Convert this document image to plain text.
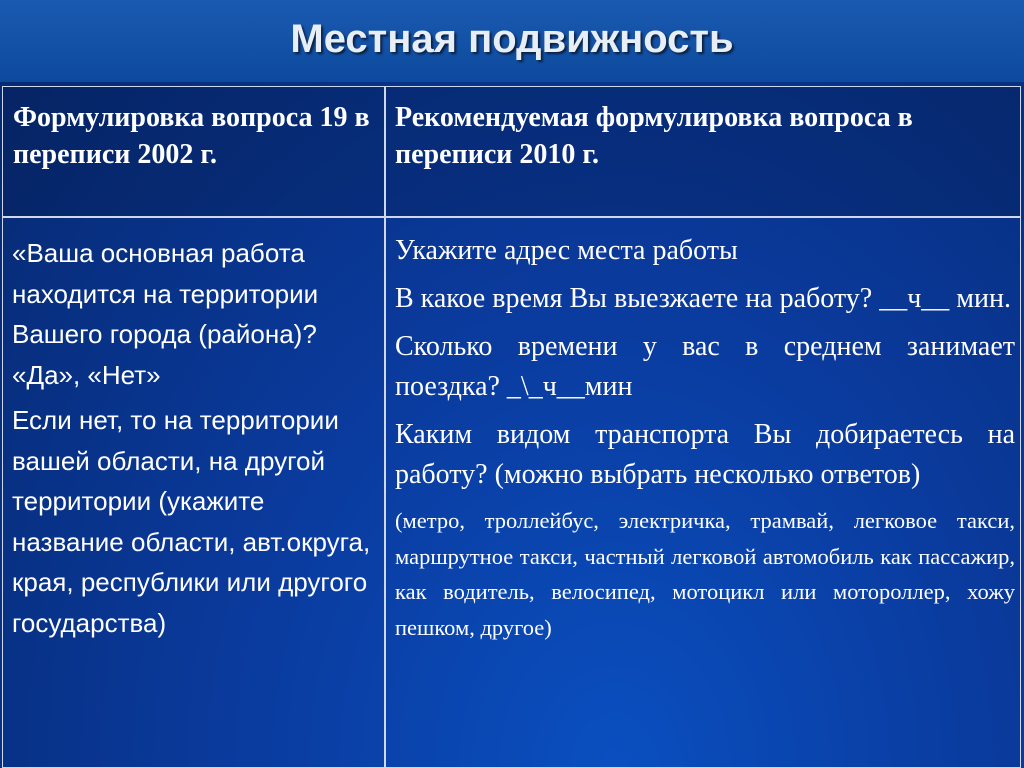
Местная подвижность
Формулировка вопроса 19 в переписи 2002 г.
Рекомендуемая формулировка вопроса в переписи 2010 г.

«Ваша основная работа находится на территории Вашего города (района)? «Да», «Нет»

Если нет, то на территории вашей области, на другой территории (укажите название области, авт.округа, края, республики или другого государства)

Укажите адрес места работы

В какое время Вы выезжаете на работу? __ч__ мин.

Сколько времени у вас в среднем занимает поездка? _\_ч__мин

Каким видом транспорта Вы добираетесь на работу? (можно выбрать несколько ответов)

(метро, троллейбус, электричка, трамвай, легковое такси, маршрутное такси, частный легковой автомобиль как пассажир, как водитель, велосипед, мотоцикл или мотороллер, хожу пешком, другое)
